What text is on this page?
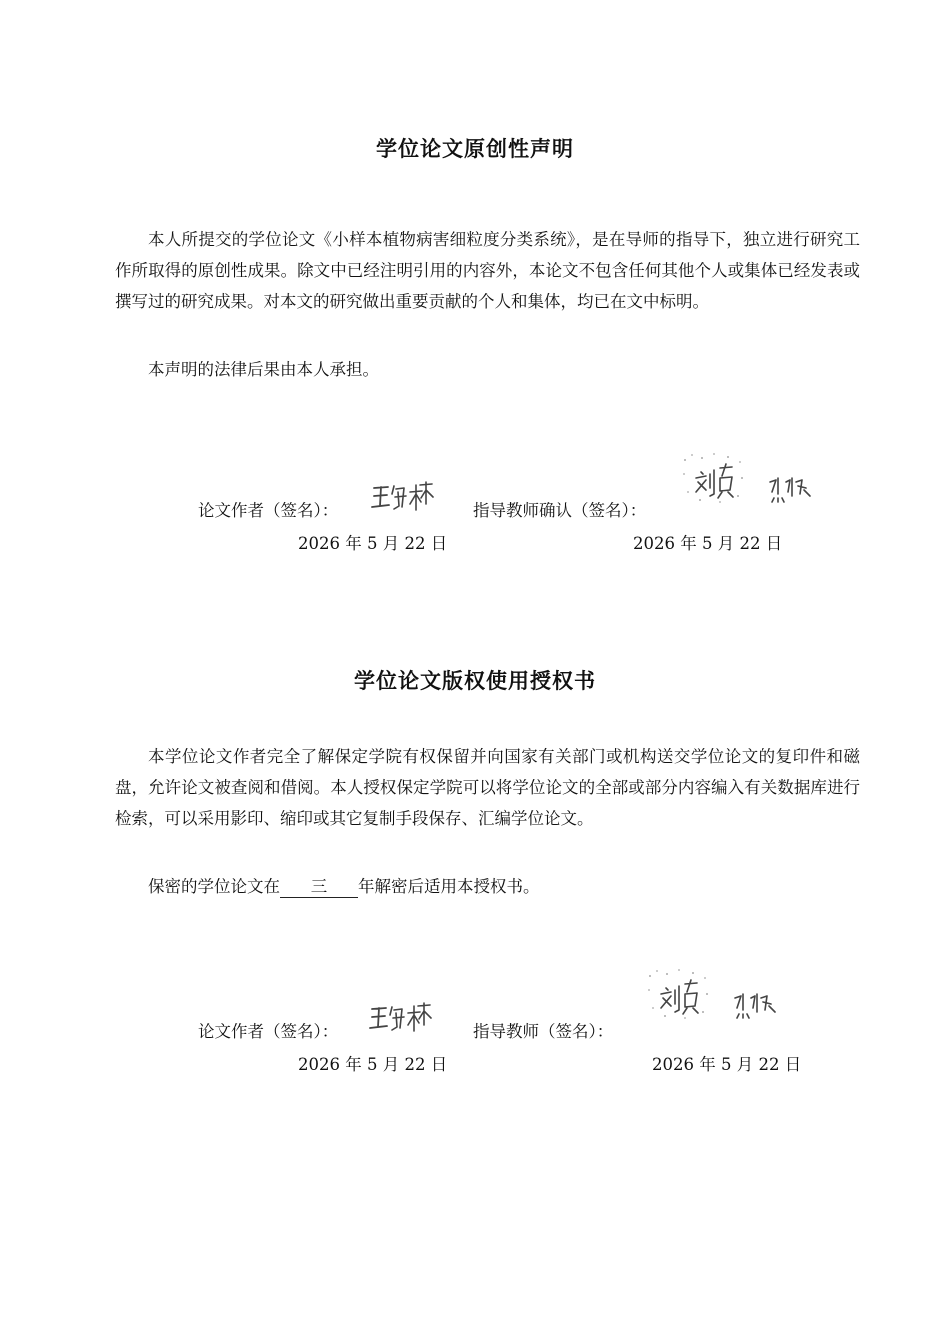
学位论文原创性声明

本人所提交的学位论文《小样本植物病害细粒度分类系统》，是在导师的指导下，独立进行研究工作所取得的原创性成果。除文中已经注明引用的内容外，本论文不包含任何其他个人或集体已经发表或撰写过的研究成果。对本文的研究做出重要贡献的个人和集体，均已在文中标明。

本声明的法律后果由本人承担。

论文作者（签名）：	指导教师确认（签名）：
2026 年 5 月 22 日	2026 年 5 月 22 日
学位论文版权使用授权书

本学位论文作者完全了解保定学院有权保留并向国家有关部门或机构送交学位论文的复印件和磁盘，允许论文被查阅和借阅。本人授权保定学院可以将学位论文的全部或部分内容编入有关数据库进行检索，可以采用影印、缩印或其它复制手段保存、汇编学位论文。

保密的学位论文在 三 年解密后适用本授权书。
论文作者（签名）：	指导教师（签名）：
2026 年 5 月 22 日	2026 年 5 月 22 日
